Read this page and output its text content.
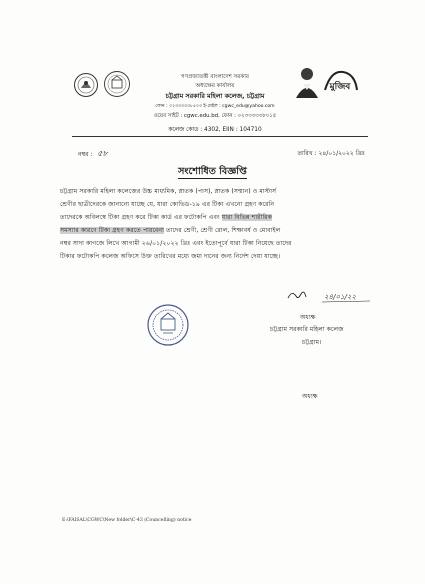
মুজিব
গণপ্রজাতন্ত্রী বাংলাদেশ সরকার
অধ্যক্ষের কার্যালয়
চট্টগ্রাম সরকারি মহিলা কলেজ, চট্টগ্রাম
ফোন : ০২৩৩৩৩৩৮৫০৩ ই-মেইল : cgwc_edu@yahoo.com
ওয়েব সাইট : cgwc.edu.bd, ফোন : ০২৩৩৩৩৩৮০১৫
কলেজ কোড : 4302, EIIN : 104710
নম্বর : ৫৮	তারিখ : ২৪/০১/২০২২ খ্রিঃ
সংশোধিত বিজ্ঞপ্তি
চট্টগ্রাম সরকারি মহিলা কলেজের উচ্চ মাধ্যমিক, স্নাতক (পাস), স্নাতক (সম্মান) ও মাস্টার্স
শ্রেণীর ছাত্রীদেরকে জানানো যাচ্ছে যে, যারা কোভিড-১৯ এর টিকা এখনো গ্রহণ করেনি
তাদেরকে অবিলম্বে টিকা গ্রহণ করে টিকা কার্ড এর ফটোকপি এবং যারা বিভিন্ন শারীরিক
সমস্যার কারণে টিকা গ্রহণ করতে পারবেনা তাদের শ্রেণী, শ্রেণী রোল, শিক্ষাবর্ষ ও মোবাইল
নম্বর সাদা কাগজে লিখে আগামী ২৬/০১/২০২২ খ্রিঃ এবং ইতোপূর্বে যারা টিকা নিয়েছে তাদের
টিকার ফটোকপি কলেজ অফিসে উক্ত তারিখের মধ্যে জমা দানের জন্য নির্দেশ দেয়া যাচ্ছে।
২৪/০১/২২
অধ্যক্ষ
চট্টগ্রাম সরকারি মহিলা কলেজ
চট্টগ্রাম।
অধ্যক্ষ
E:\FAISAL\CGWC\New folder\C-43 (Councelling) notice
